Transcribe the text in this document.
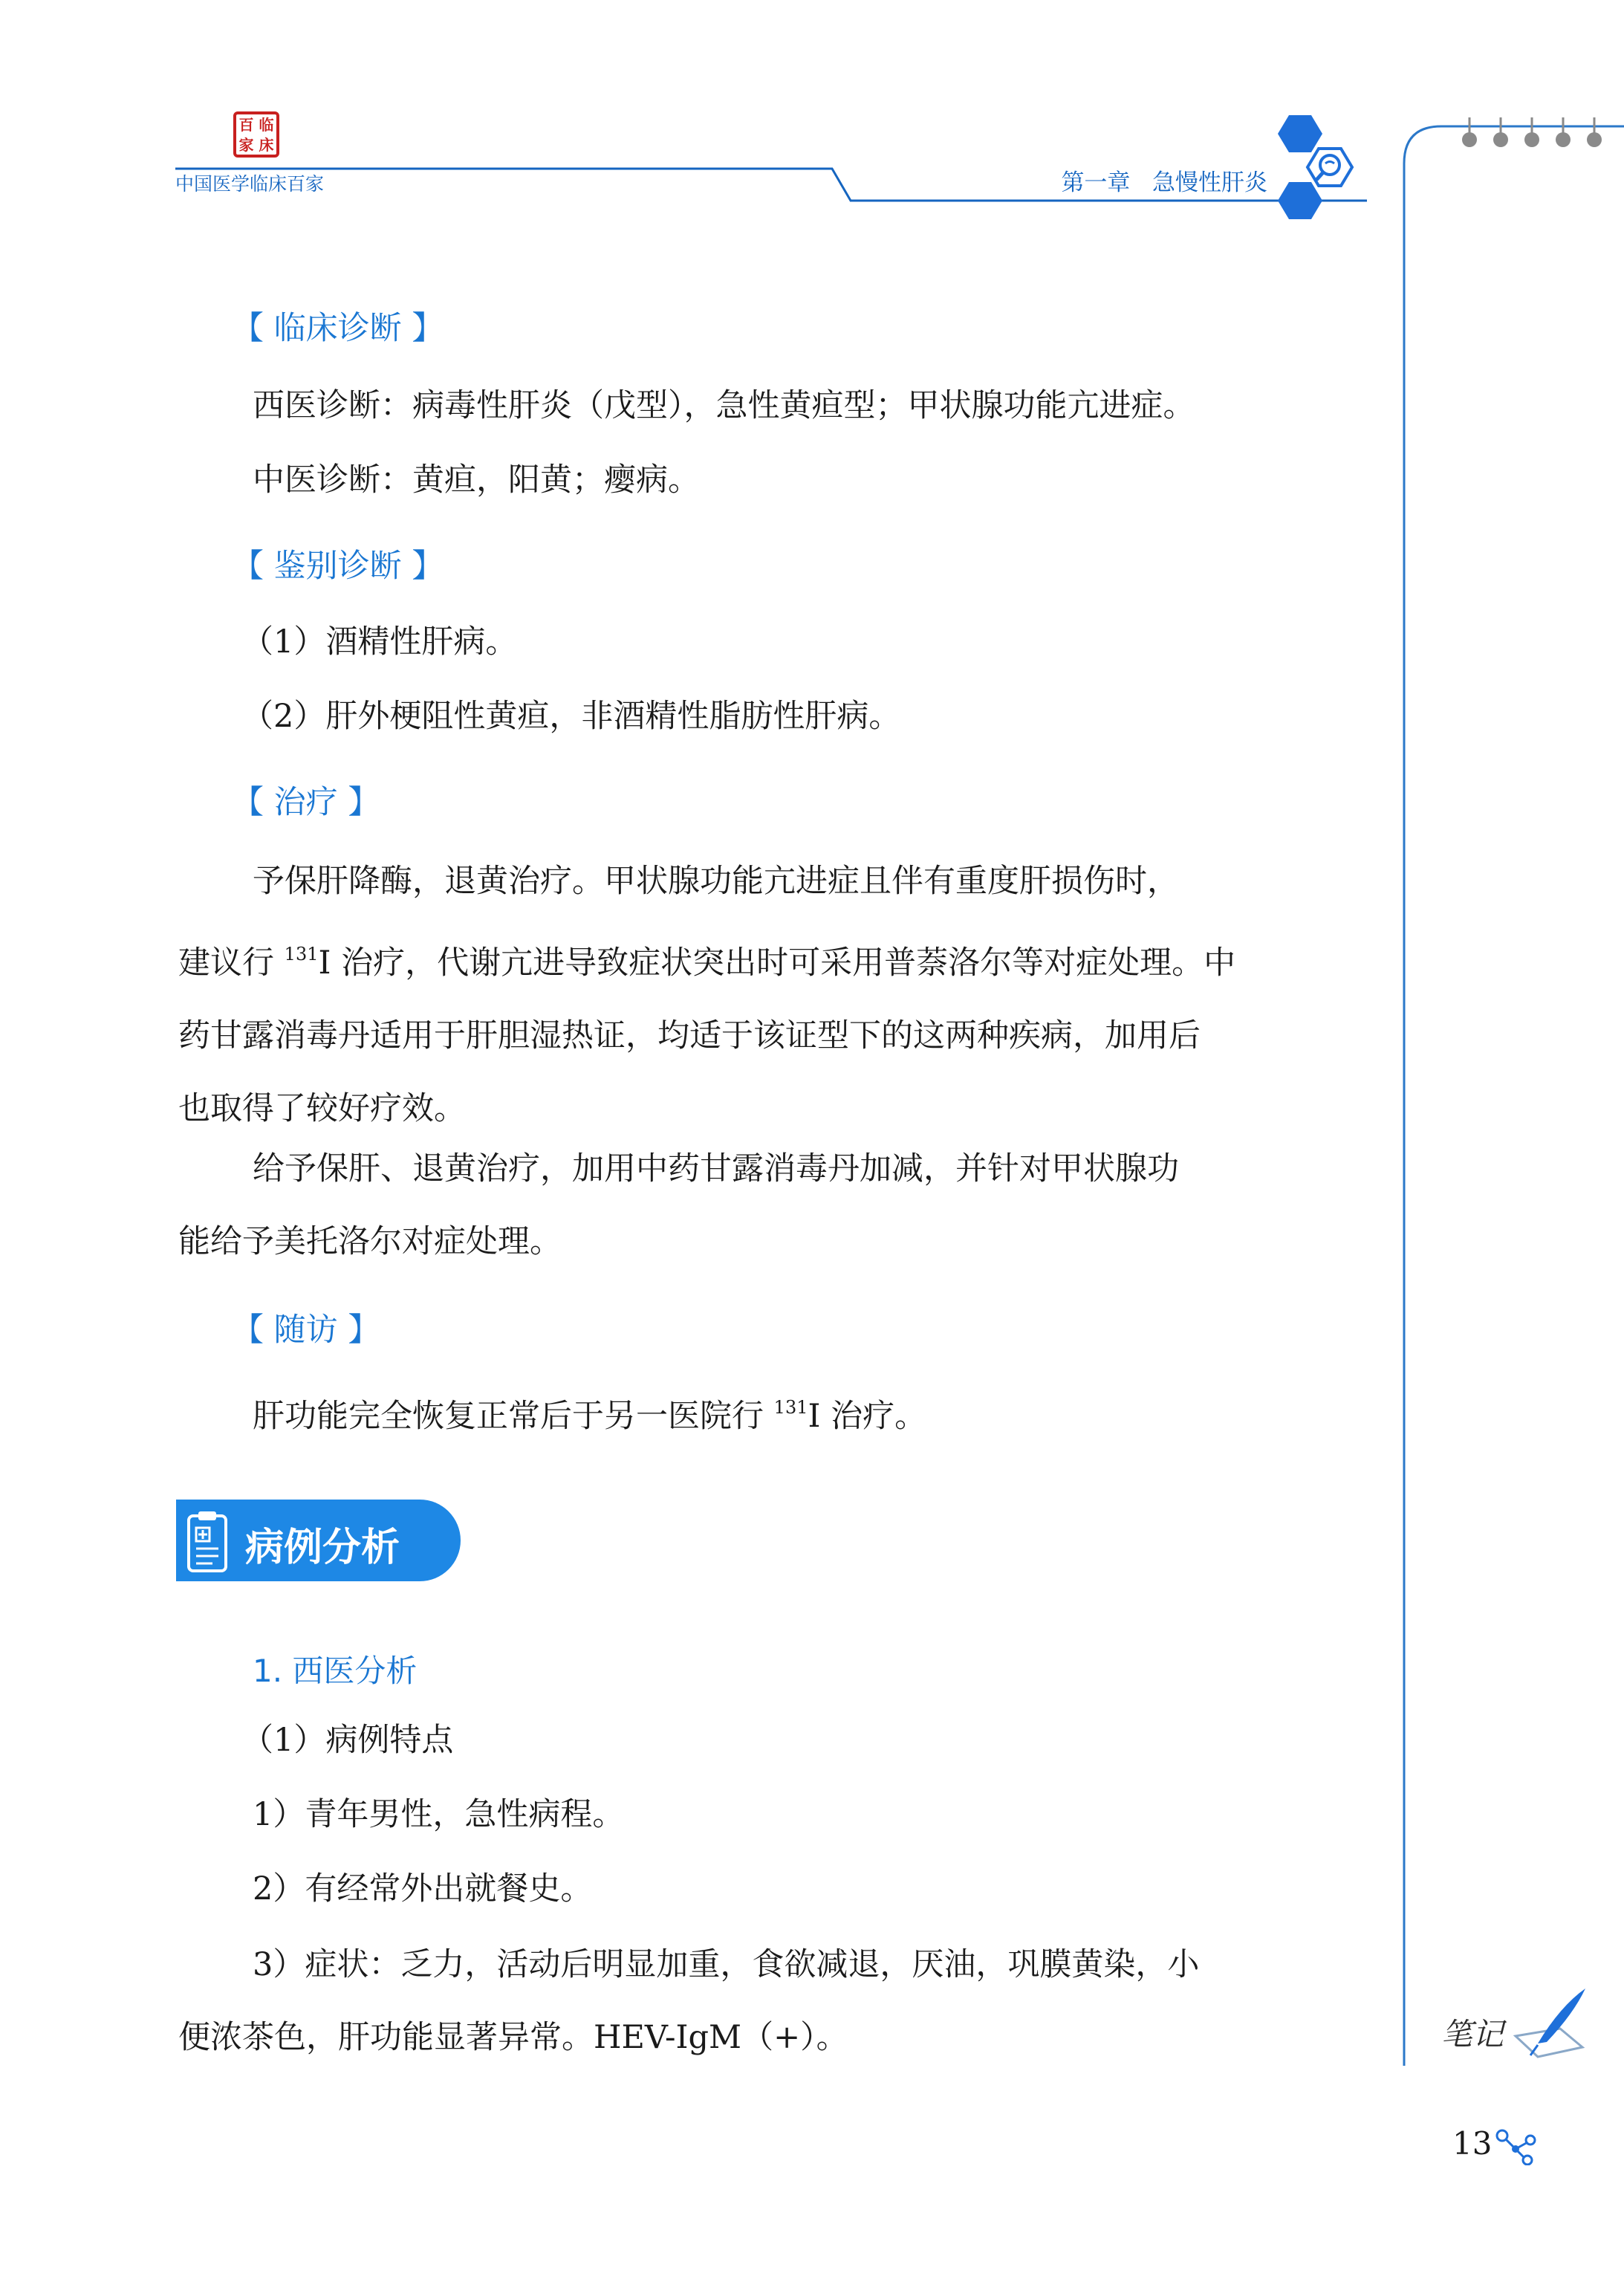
百 临
家 床
中国医学临床百家	第一章   急慢性肝炎
【 临床诊断 】
西医诊断：病毒性肝炎（戊型），急性黄疸型；甲状腺功能亢进症。
中医诊断：黄疸，阳黄；瘿病。
【 鉴别诊断 】
（1）酒精性肝病。
（2）肝外梗阻性黄疸，非酒精性脂肪性肝病。
【 治疗 】
予保肝降酶，退黄治疗。甲状腺功能亢进症且伴有重度肝损伤时，
建议行 $^{131}$I 治疗，代谢亢进导致症状突出时可采用普萘洛尔等对症处理。中
药甘露消毒丹适用于肝胆湿热证，均适于该证型下的这两种疾病，加用后
也取得了较好疗效。
给予保肝、退黄治疗，加用中药甘露消毒丹加减，并针对甲状腺功
能给予美托洛尔对症处理。
【 随访 】
肝功能完全恢复正常后于另一医院行 $^{131}$I 治疗。
病例分析
1. 西医分析
（1）病例特点
1）青年男性，急性病程。
2）有经常外出就餐史。
3）症状：乏力，活动后明显加重，食欲减退，厌油，巩膜黄染，小
便浓茶色，肝功能显著异常。HEV-IgM（+）。	笔记
13
